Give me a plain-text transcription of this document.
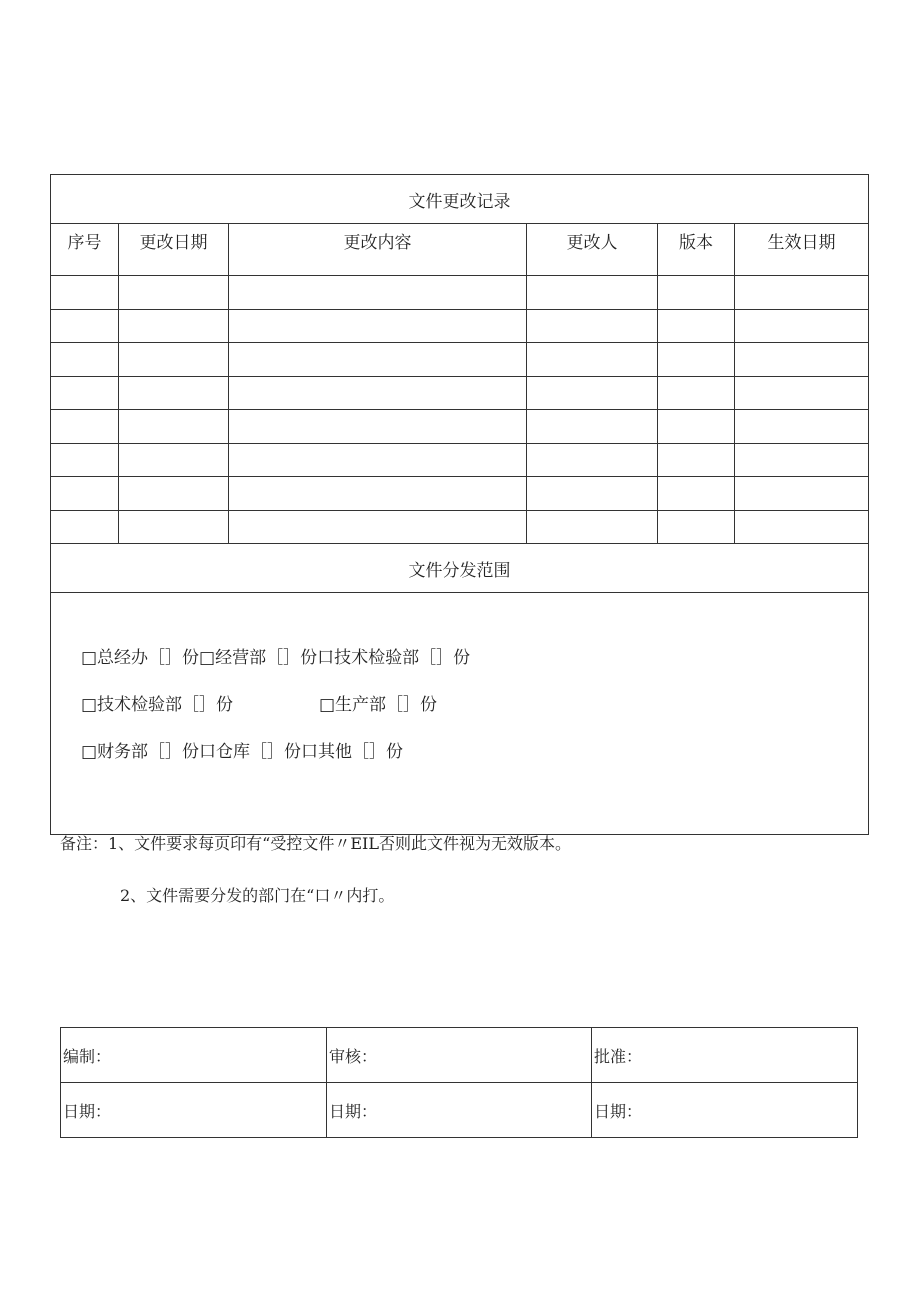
文件更改记录					
序号	更改日期	更改内容	更改人	版本	生效日期

文件分发范围					

□总经办［］份□经营部［］份口技术检验部［］份
□技术检验部［］份 □生产部［］份
□财务部［］份口仓库［］份口其他［］份					
备注：1、文件要求每页印有“受控文件〃EIL否则此文件视为无效版本。
2、文件需要分发的部门在“口〃内打。
编制：	审核：	批准：
日期：	日期：	日期：
